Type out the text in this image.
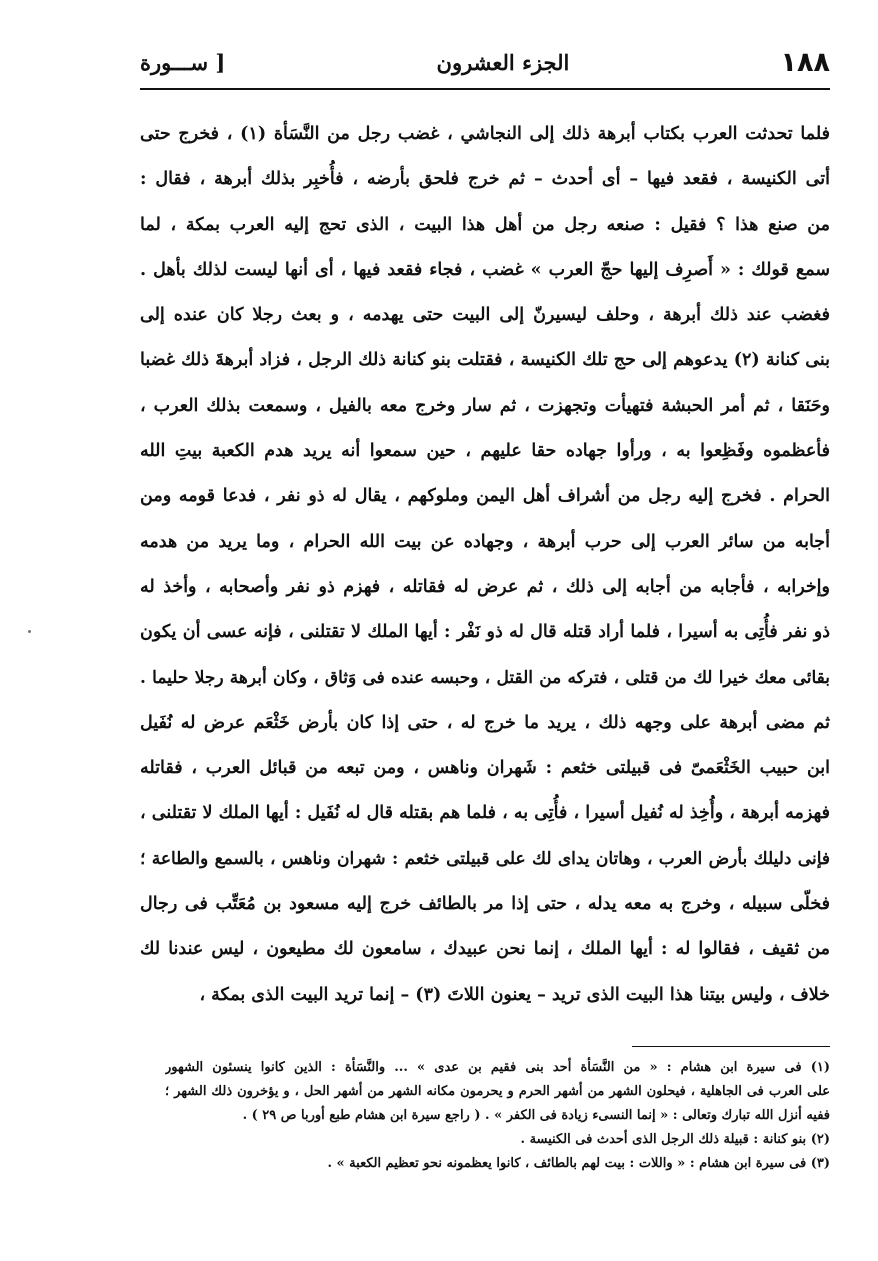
١٨٨
الجزء العشرون
[ ســـورة
فلما تحدثت العرب بكتاب أبرهة ذلك إلى النجاشي ، غضب رجل من النَّسَأة (١) ، فخرج حتى
أتى الكنيسة ، فقعد فيها – أى أحدث – ثم خرج فلحق بأرضه ، فأُخبِر بذلك أبرهة ، فقال :
من صنع هذا ؟ فقيل : صنعه رجل من أهل هذا البيت ، الذى تحج إليه العرب بمكة ، لما
سمع قولك : « أَصرِف إليها حجّ العرب » غضب ، فجاء فقعد فيها ، أى أنها ليست لذلك بأهل .
فغضب عند ذلك أبرهة ، وحلف ليسيرنّ إلى البيت حتى يهدمه ، و بعث رجلا كان عنده إلى
بنى كنانة (٢) يدعوهم إلى حج تلك الكنيسة ، فقتلت بنو كنانة ذلك الرجل ، فزاد أبرهةَ ذلك غضبا
وحَنَقا ، ثم أمر الحبشة فتهيأت وتجهزت ، ثم سار وخرج معه بالفيل ، وسمعت بذلك العرب ،
فأعظموه وفَظِعوا به ، ورأوا جهاده حقا عليهم ، حين سمعوا أنه يريد هدم الكعبة بيتِ الله
الحرام . فخرج إليه رجل من أشراف أهل اليمن وملوكهم ، يقال له ذو نفر ، فدعا قومه ومن
أجابه من سائر العرب إلى حرب أبرهة ، وجهاده عن بيت الله الحرام ، وما يريد من هدمه
وإخرابه ، فأجابه من أجابه إلى ذلك ، ثم عرض له فقاتله ، فهزم ذو نفر وأصحابه ، وأخذ له
ذو نفر فأُتِى به أسيرا ، فلما أراد قتله قال له ذو نَفْر : أيها الملك لا تقتلنى ، فإنه عسى أن يكون
بقائى معك خيرا لك من قتلى ، فتركه من القتل ، وحبسه عنده فى وَثاق ، وكان أبرهة رجلا حليما .
ثم مضى أبرهة على وجهه ذلك ، يريد ما خرج له ، حتى إذا كان بأرض خَثْعَم عرض له نُفَيل
ابن حبيب الخَثْعَمىّ فى قبيلتى خثعم : شَهران وناهس ، ومن تبعه من قبائل العرب ، فقاتله
فهزمه أبرهة ، وأُخِذ له نُفيل أسيرا ، فأُتِى به ، فلما هم بقتله قال له نُفَيل : أيها الملك لا تقتلنى ،
فإنى دليلك بأرض العرب ، وهاتان يداى لك على قبيلتى خثعم : شهران وناهس ، بالسمع والطاعة ؛
فخلّى سبيله ، وخرج به معه يدله ، حتى إذا مر بالطائف خرج إليه مسعود بن مُعَتِّب فى رجال
من ثقيف ، فقالوا له : أيها الملك ، إنما نحن عبيدك ، سامعون لك مطيعون ، ليس عندنا لك
خلاف ، وليس بيتنا هذا البيت الذى تريد – يعنون اللاتَ (٣) – إنما تريد البيت الذى بمكة ،
(١) فى سيرة ابن هشام : « من النَّسَأة أحد بنى فقيم بن عدى » ... والنَّسَأة : الذين كانوا ينسئون الشهور
على العرب فى الجاهلية ، فيحلون الشهر من أشهر الحرم و يحرمون مكانه الشهر من أشهر الحل ، و يؤخرون ذلك الشهر ؛
ففيه أنزل الله تبارك وتعالى : « إنما النسىء زيادة فى الكفر » . ( راجع سيرة ابن هشام طبع أوربا ص ٢٩ ) .
(٢) بنو كنانة : قبيلة ذلك الرجل الذى أحدث فى الكنيسة .
(٣) فى سيرة ابن هشام : « واللات : بيت لهم بالطائف ، كانوا يعظمونه نحو تعظيم الكعبة » .
